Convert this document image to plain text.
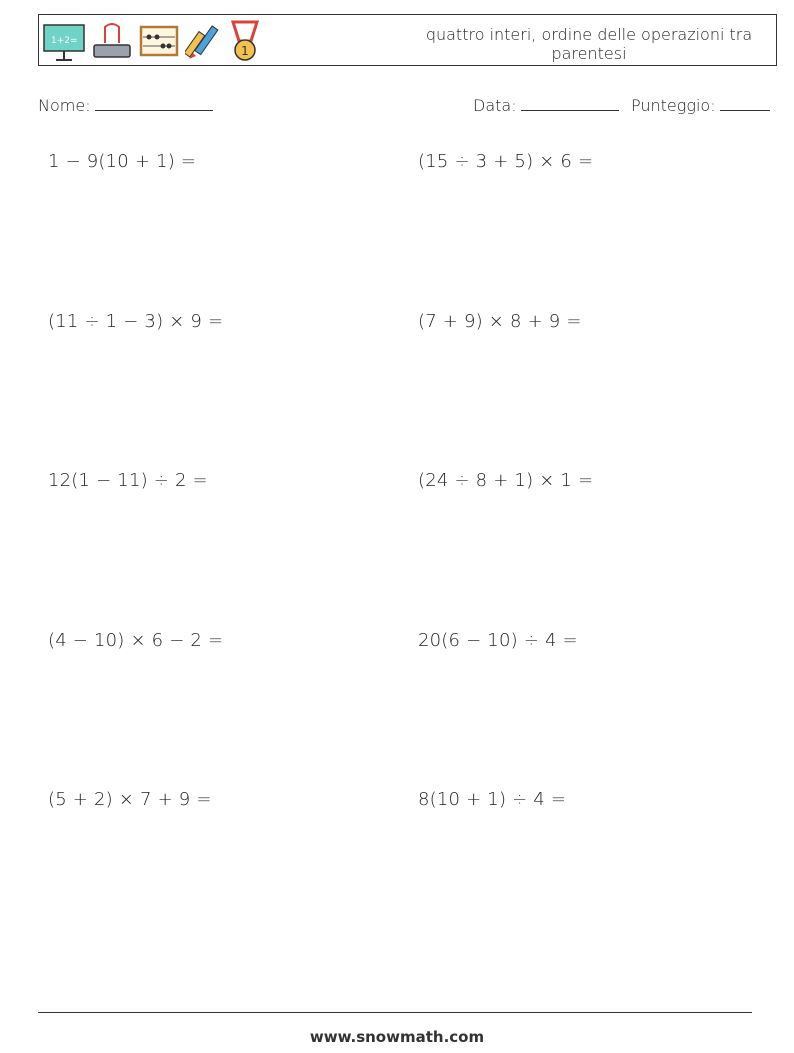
1+2=
1
quattro interi, ordine delle operazioni tra parentesi
Nome:	Data:	Punteggio:
1 − 9(10 + 1) =	(15 ÷ 3 + 5) × 6 =
(11 ÷ 1 − 3) × 9 =	(7 + 9) × 8 + 9 =
12(1 − 11) ÷ 2 =	(24 ÷ 8 + 1) × 1 =
(4 − 10) × 6 − 2 =	20(6 − 10) ÷ 4 =
(5 + 2) × 7 + 9 =	8(10 + 1) ÷ 4 =
www.snowmath.com
